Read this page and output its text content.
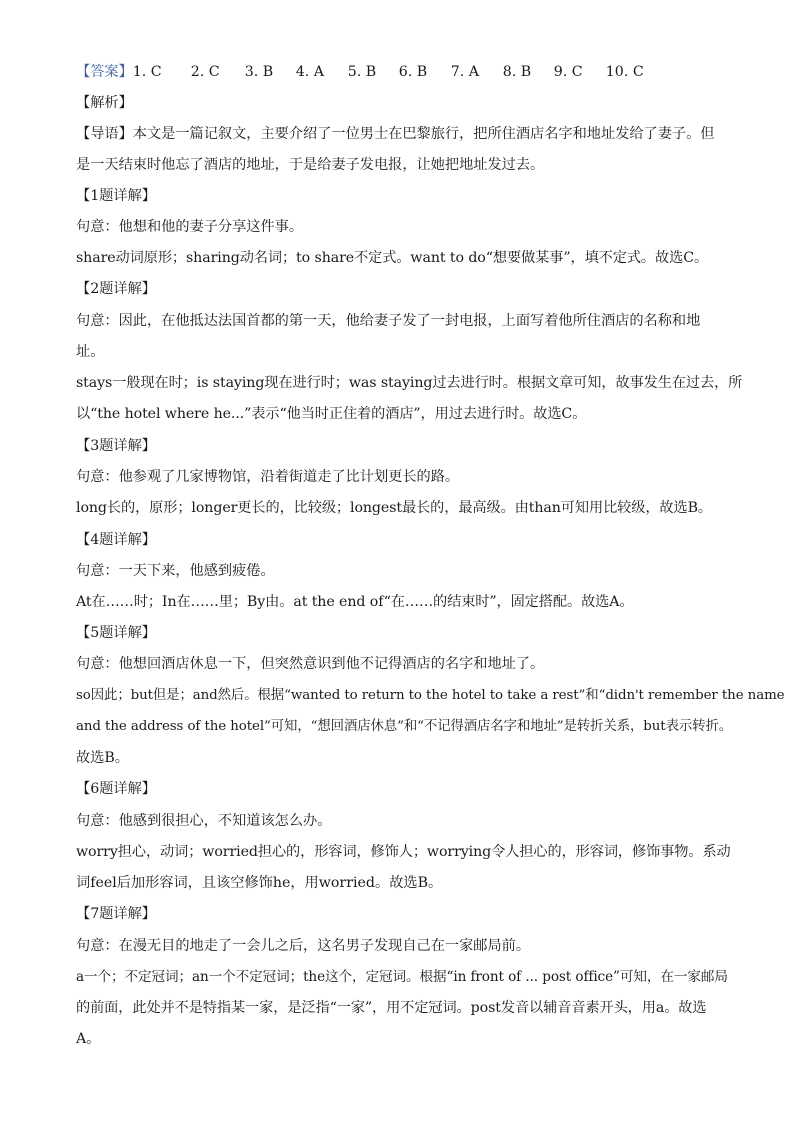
【答案】1. C 2. C 3. B 4. A 5. B 6. B 7. A 8. B 9. C 10. C
【解析】
【导语】本文是一篇记叙文，主要介绍了一位男士在巴黎旅行，把所住酒店名字和地址发给了妻子。但
是一天结束时他忘了酒店的地址，于是给妻子发电报，让她把地址发过去。
【1题详解】
句意：他想和他的妻子分享这件事。
share动词原形；sharing动名词；to share不定式。want to do“想要做某事”，填不定式。故选C。
【2题详解】
句意：因此，在他抵达法国首都的第一天，他给妻子发了一封电报，上面写着他所住酒店的名称和地
址。
stays一般现在时；is staying现在进行时；was staying过去进行时。根据文章可知，故事发生在过去，所
以“the hotel where he...”表示“他当时正住着的酒店”，用过去进行时。故选C。
【3题详解】
句意：他参观了几家博物馆，沿着街道走了比计划更长的路。
long长的，原形；longer更长的，比较级；longest最长的，最高级。由than可知用比较级，故选B。
【4题详解】
句意：一天下来，他感到疲倦。
At在……时；In在……里；By由。at the end of“在……的结束时”，固定搭配。故选A。
【5题详解】
句意：他想回酒店休息一下，但突然意识到他不记得酒店的名字和地址了。
so因此；but但是；and然后。根据“wanted to return to the hotel to take a rest”和“didn't remember the name
and the address of the hotel”可知，“想回酒店休息”和“不记得酒店名字和地址”是转折关系，but表示转折。
故选B。
【6题详解】
句意：他感到很担心，不知道该怎么办。
worry担心，动词；worried担心的，形容词，修饰人；worrying令人担心的，形容词，修饰事物。系动
词feel后加形容词，且该空修饰he，用worried。故选B。
【7题详解】
句意：在漫无目的地走了一会儿之后，这名男子发现自己在一家邮局前。
a一个；不定冠词；an一个不定冠词；the这个，定冠词。根据“in front of ... post office”可知，在一家邮局
的前面，此处并不是特指某一家，是泛指“一家”，用不定冠词。post发音以辅音音素开头，用a。故选
A。
